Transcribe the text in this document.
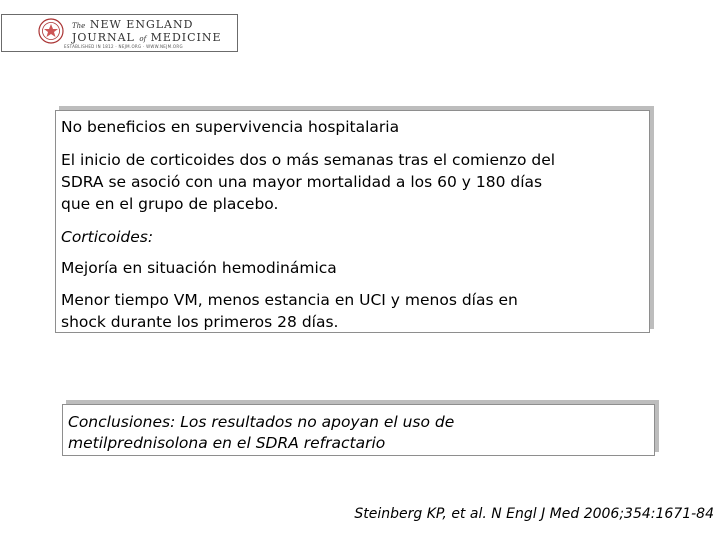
The NEW ENGLAND
JOURNAL of MEDICINE
ESTABLISHED IN 1812 · NEJM.ORG · WWW.NEJM.ORG
No beneficios en supervivencia hospitalaria
El inicio de corticoides dos o más semanas tras el comienzo del
SDRA se asoció con una mayor mortalidad a los 60 y 180 días
que en el grupo de placebo.
Corticoides:
Mejoría en situación hemodinámica
Menor tiempo VM, menos estancia en UCI y menos días en
shock durante los primeros 28 días.
Conclusiones: Los resultados no apoyan el uso de
metilprednisolona en el SDRA refractario
Steinberg KP, et al. N Engl J Med 2006;354:1671-84
